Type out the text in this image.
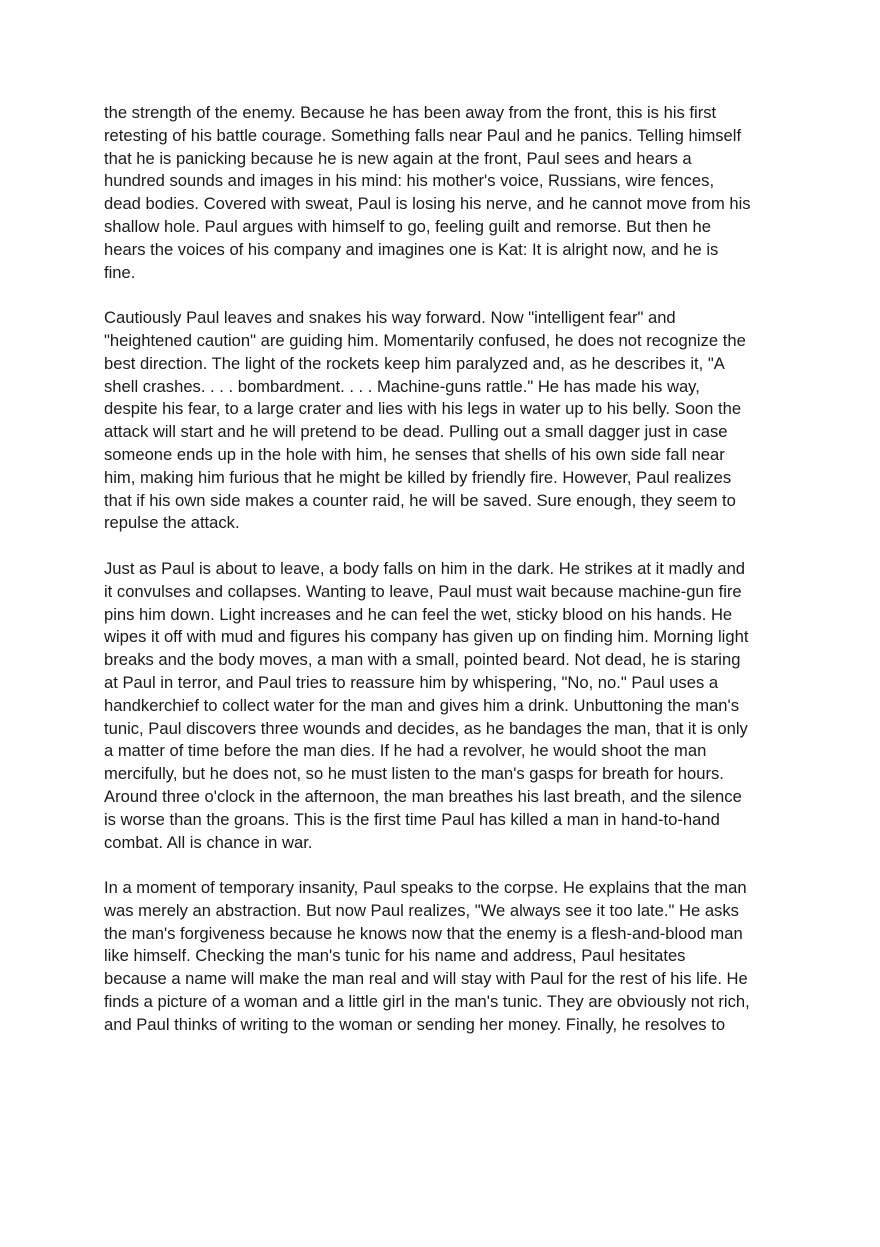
the strength of the enemy. Because he has been away from the front, this is his first
retesting of his battle courage. Something falls near Paul and he panics. Telling himself
that he is panicking because he is new again at the front, Paul sees and hears a
hundred sounds and images in his mind: his mother's voice, Russians, wire fences,
dead bodies. Covered with sweat, Paul is losing his nerve, and he cannot move from his
shallow hole. Paul argues with himself to go, feeling guilt and remorse. But then he
hears the voices of his company and imagines one is Kat: It is alright now, and he is
fine.

Cautiously Paul leaves and snakes his way forward. Now "intelligent fear" and
"heightened caution" are guiding him. Momentarily confused, he does not recognize the
best direction. The light of the rockets keep him paralyzed and, as he describes it, "A
shell crashes. . . . bombardment. . . . Machine-guns rattle." He has made his way,
despite his fear, to a large crater and lies with his legs in water up to his belly. Soon the
attack will start and he will pretend to be dead. Pulling out a small dagger just in case
someone ends up in the hole with him, he senses that shells of his own side fall near
him, making him furious that he might be killed by friendly fire. However, Paul realizes
that if his own side makes a counter raid, he will be saved. Sure enough, they seem to
repulse the attack.

Just as Paul is about to leave, a body falls on him in the dark. He strikes at it madly and
it convulses and collapses. Wanting to leave, Paul must wait because machine-gun fire
pins him down. Light increases and he can feel the wet, sticky blood on his hands. He
wipes it off with mud and figures his company has given up on finding him. Morning light
breaks and the body moves, a man with a small, pointed beard. Not dead, he is staring
at Paul in terror, and Paul tries to reassure him by whispering, "No, no." Paul uses a
handkerchief to collect water for the man and gives him a drink. Unbuttoning the man's
tunic, Paul discovers three wounds and decides, as he bandages the man, that it is only
a matter of time before the man dies. If he had a revolver, he would shoot the man
mercifully, but he does not, so he must listen to the man's gasps for breath for hours.
Around three o'clock in the afternoon, the man breathes his last breath, and the silence
is worse than the groans. This is the first time Paul has killed a man in hand-to-hand
combat. All is chance in war.

In a moment of temporary insanity, Paul speaks to the corpse. He explains that the man
was merely an abstraction. But now Paul realizes, "We always see it too late." He asks
the man's forgiveness because he knows now that the enemy is a flesh-and-blood man
like himself. Checking the man's tunic for his name and address, Paul hesitates
because a name will make the man real and will stay with Paul for the rest of his life. He
finds a picture of a woman and a little girl in the man's tunic. They are obviously not rich,
and Paul thinks of writing to the woman or sending her money. Finally, he resolves to
